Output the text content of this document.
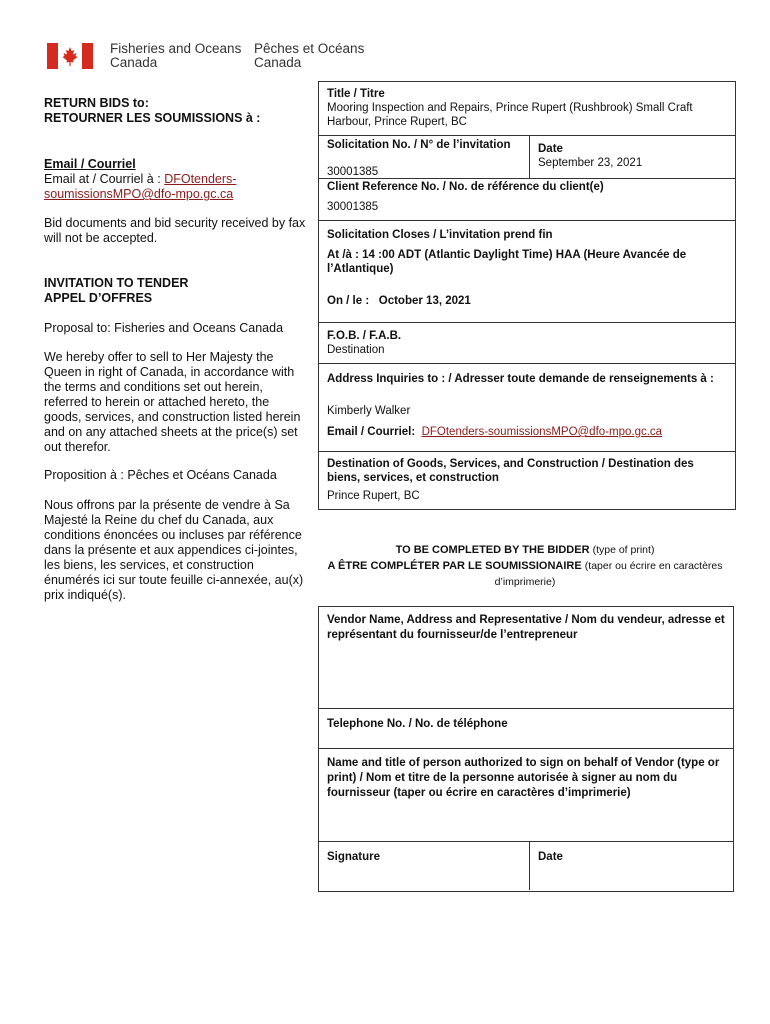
Fisheries and Oceans
Canada
Pêches et Océans
Canada
RETURN BIDS to:
RETOURNER LES SOUMISSIONS à :
Email / Courriel
Email at / Courriel à : DFOtenders-
soumissionsMPO@dfo-mpo.gc.ca
Bid documents and bid security received by fax will not be accepted.
INVITATION TO TENDER
APPEL D’OFFRES
Proposal to: Fisheries and Oceans Canada
We hereby offer to sell to Her Majesty the Queen in right of Canada, in accordance with the terms and conditions set out herein, referred to herein or attached hereto, the goods, services, and construction listed herein and on any attached sheets at the price(s) set out therefor.
Proposition à : Pêches et Océans Canada
Nous offrons par la présente de vendre à Sa Majesté la Reine du chef du Canada, aux conditions énoncées ou incluses par référence dans la présente et aux appendices ci-jointes, les biens, les services, et construction énumérés ici sur toute feuille ci-annexée, au(x) prix indiqué(s).
Title / Titre
Mooring Inspection and Repairs, Prince Rupert (Rushbrook) Small Craft
Harbour, Prince Rupert, BC
Solicitation No. / N° de l’invitation
30001385
Date
September 23, 2021
Client Reference No. / No. de référence du client(e)
30001385
Solicitation Closes / L’invitation prend fin
At /à : 14 :00 ADT (Atlantic Daylight Time) HAA (Heure Avancée de l’Atlantique)
On / le : October 13, 2021
F.O.B. / F.A.B.
Destination
Address Inquiries to : / Adresser toute demande de renseignements à :
Kimberly Walker
Email / Courriel: DFOtenders-soumissionsMPO@dfo-mpo.gc.ca
Destination of Goods, Services, and Construction / Destination des biens, services, et construction
Prince Rupert, BC
TO BE COMPLETED BY THE BIDDER (type of print)
A ÊTRE COMPLÉTER PAR LE SOUMISSIONAIRE (taper ou écrire en caractères
d’imprimerie)
Vendor Name, Address and Representative / Nom du vendeur, adresse et représentant du fournisseur/de l’entrepreneur
Telephone No. / No. de téléphone
Name and title of person authorized to sign on behalf of Vendor (type or print) / Nom et titre de la personne autorisée à signer au nom du fournisseur (taper ou écrire en caractères d’imprimerie)
Signature	Date
